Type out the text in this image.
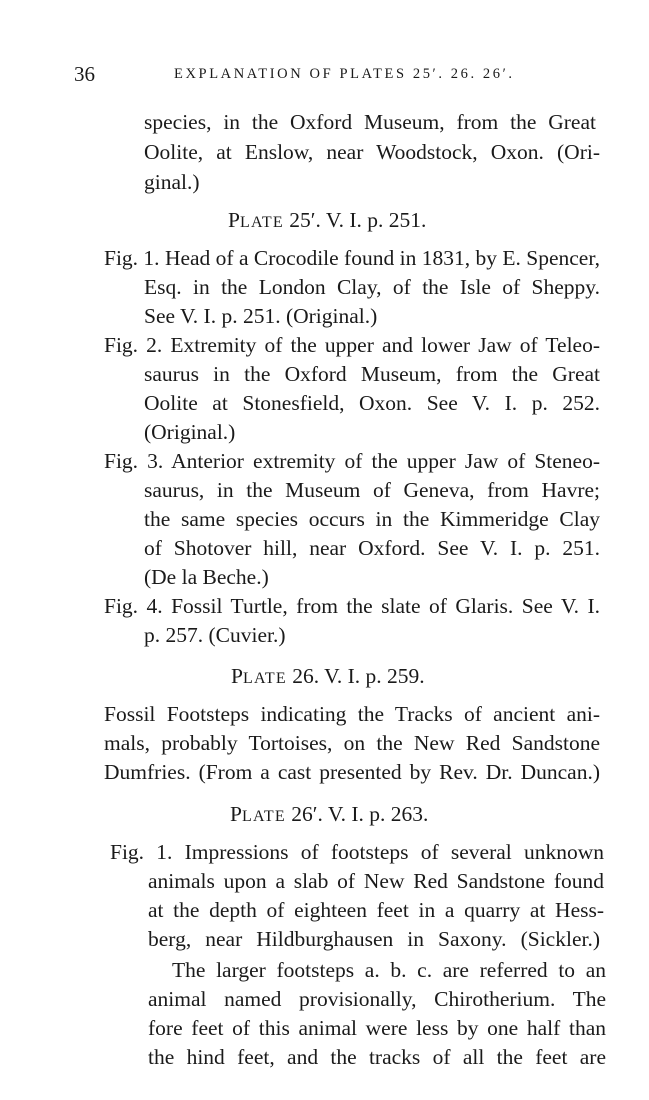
36	EXPLANATION OF PLATES 25′. 26. 26′.
species, in the Oxford Museum, from the Great
Oolite, at Enslow, near Woodstock, Oxon. (Ori-
ginal.)
PLATE 25′. V. I. p. 251.
Fig. 1. Head of a Crocodile found in 1831, by E. Spencer,
Esq. in the London Clay, of the Isle of Sheppy.
See V. I. p. 251. (Original.)
Fig. 2. Extremity of the upper and lower Jaw of Teleo-
saurus in the Oxford Museum, from the Great
Oolite at Stonesfield, Oxon. See V. I. p. 252.
(Original.)
Fig. 3. Anterior extremity of the upper Jaw of Steneo-
saurus, in the Museum of Geneva, from Havre;
the same species occurs in the Kimmeridge Clay
of Shotover hill, near Oxford. See V. I. p. 251.
(De la Beche.)
Fig. 4. Fossil Turtle, from the slate of Glaris. See V. I.
p. 257. (Cuvier.)
PLATE 26. V. I. p. 259.
Fossil Footsteps indicating the Tracks of ancient ani-
mals, probably Tortoises, on the New Red Sandstone
Dumfries. (From a cast presented by Rev. Dr. Duncan.)
PLATE 26′. V. I. p. 263.
Fig. 1. Impressions of footsteps of several unknown
animals upon a slab of New Red Sandstone found
at the depth of eighteen feet in a quarry at Hess-
berg, near Hildburghausen in Saxony. (Sickler.)
The larger footsteps a. b. c. are referred to an
animal named provisionally, Chirotherium. The
fore feet of this animal were less by one half than
the hind feet, and the tracks of all the feet are
